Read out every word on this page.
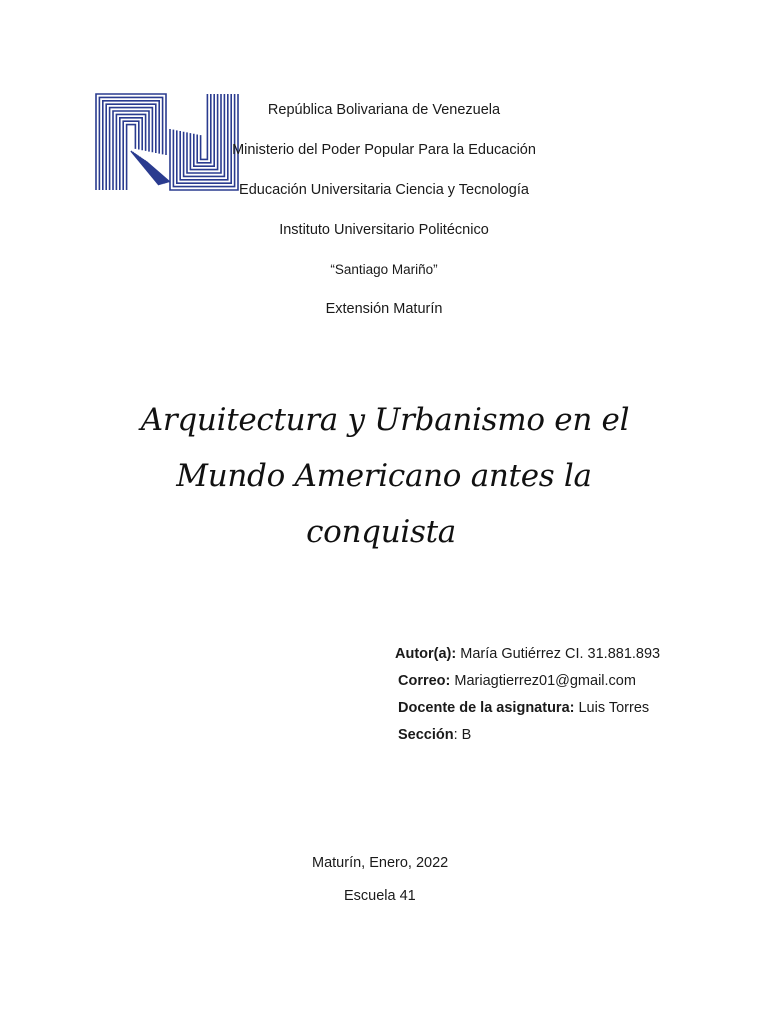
República Bolivariana de Venezuela
Ministerio del Poder Popular Para la Educación
Educación Universitaria Ciencia y Tecnología
Instituto Universitario Politécnico
“Santiago Mariño”
Extensión Maturín
Arquitectura y Urbanismo en el
Mundo Americano antes la
conquista
Autor(a): María Gutiérrez CI. 31.881.893
Correo: Mariagtierrez01@gmail.com
Docente de la asignatura: Luis Torres
Sección: B
Maturín, Enero, 2022
Escuela 41
